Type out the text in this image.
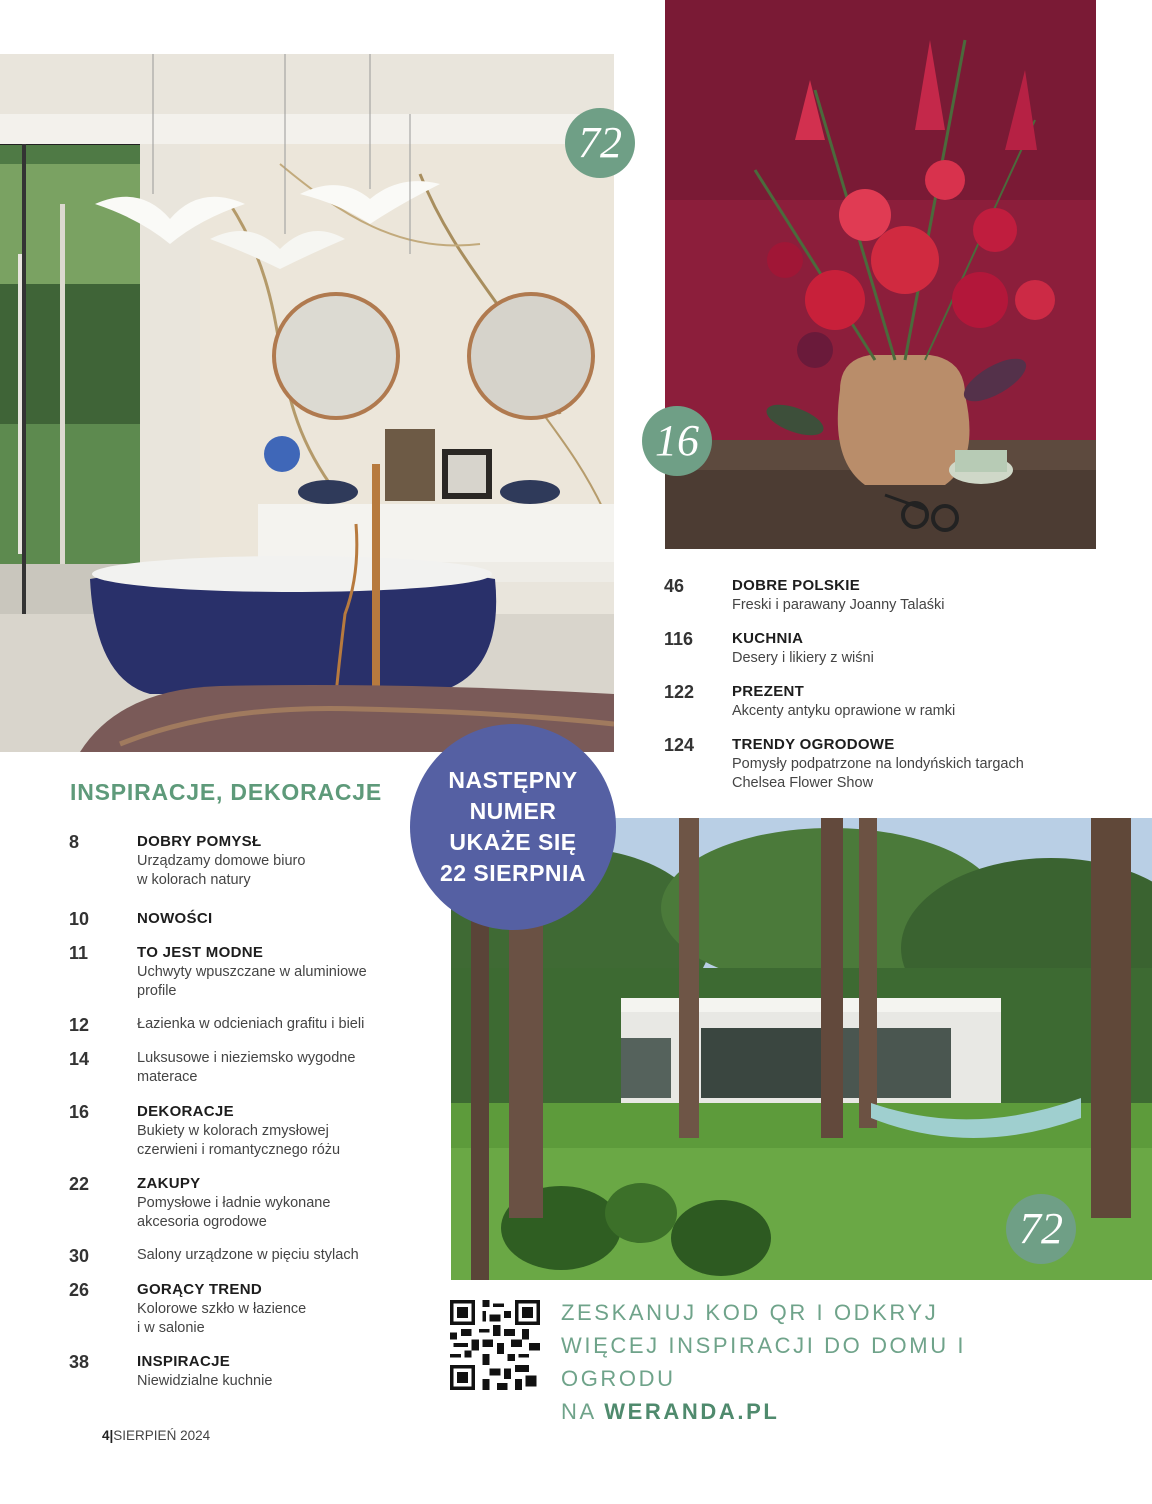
72
16
46	DOBRE POLSKIE
Freski i parawany Joanny Talaśki
116	KUCHNIA
Desery i likiery z wiśni
122	PREZENT
Akcenty antyku oprawione w ramki
124	TRENDY OGRODOWE
Pomysły podpatrzone na londyńskich targach
Chelsea Flower Show
72
NASTĘPNY
NUMER
UKAŻE SIĘ
22 SIERPNIA
INSPIRACJE, DEKORACJE
8	DOBRY POMYSŁ
Urządzamy domowe biuro
w kolorach natury
10	NOWOŚCI
11	TO JEST MODNE
Uchwyty wpuszczane w aluminiowe
profile
12	Łazienka w odcieniach grafitu i bieli
14	Luksusowe i nieziemsko wygodne
materace
16	DEKORACJE
Bukiety w kolorach zmysłowej
czerwieni i romantycznego różu
22	ZAKUPY
Pomysłowe i ładnie wykonane
akcesoria ogrodowe
30	Salony urządzone w pięciu stylach
26	GORĄCY TREND
Kolorowe szkło w łazience
i w salonie
38	INSPIRACJE
Niewidzialne kuchnie
ZESKANUJ KOD QR I ODKRYJ
WIĘCEJ INSPIRACJI DO DOMU I OGRODU
NA WERANDA.PL
4|SIERPIEŃ 2024
